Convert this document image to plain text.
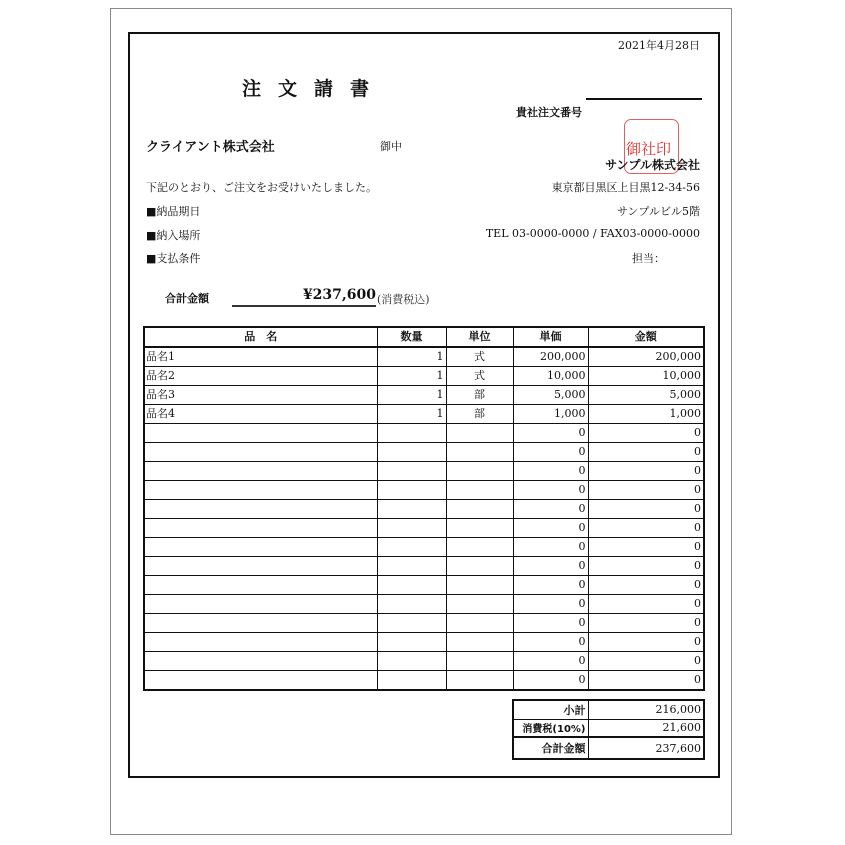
2021年4月28日
注文請書
貴社注文番号
クライアント株式会社	御中	御社印
サンプル株式会社
東京都目黒区上目黒12-34-56
サンプルビル5階
TEL 03-0000-0000 / FAX03-0000-0000
担当：
下記のとおり、ご注文をお受けいたしました。
■納品期日
■納入場所
■支払条件
合計金額	¥237,600 (消費税込)
品　名	数量	単位	単価	金額
品名1	1	式	200,000	200,000
品名2	1	式	10,000	10,000
品名3	1	部	5,000	5,000
品名4	1	部	1,000	1,000
			0	0
			0	0
			0	0
			0	0
			0	0
			0	0
			0	0
			0	0
			0	0
			0	0
			0	0
			0	0
			0	0
			0	0
小計	216,000
消費税(10%)	21,600
合計金額	237,600
